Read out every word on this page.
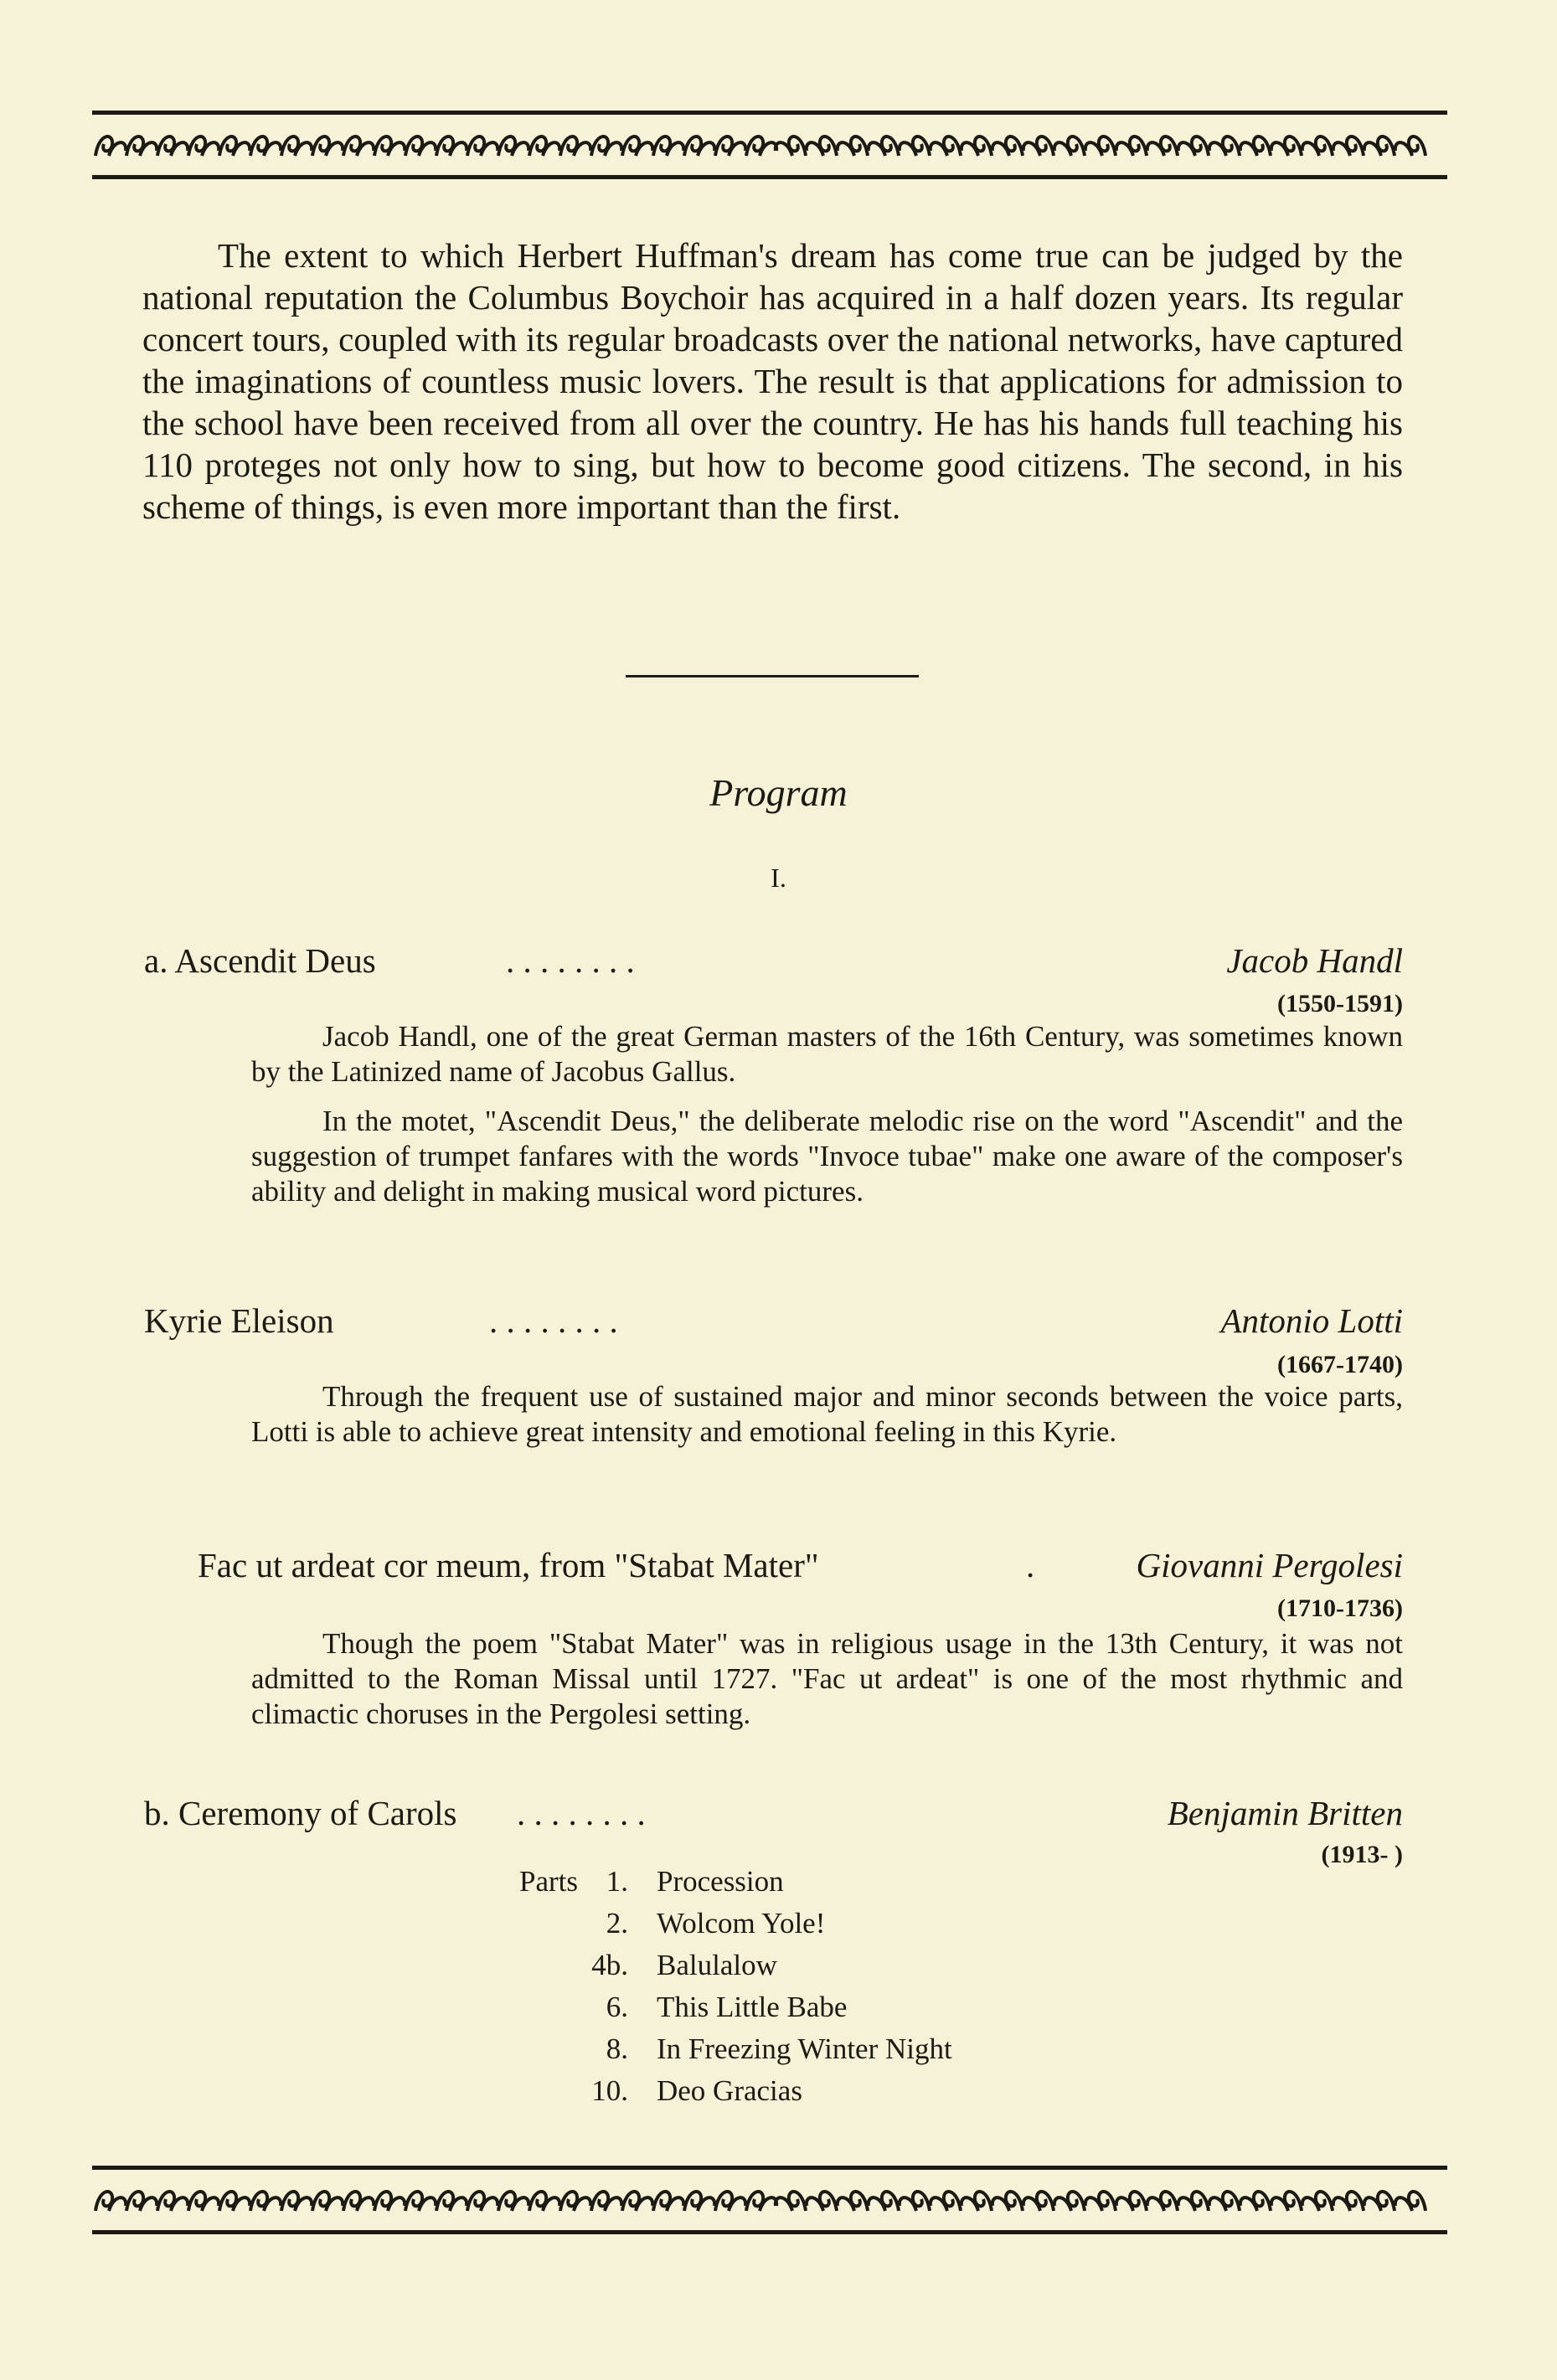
The extent to which Herbert Huffman's dream has come true can be judged by the national reputation the Columbus Boychoir has acquired in a half dozen years. Its regular concert tours, coupled with its regular broadcasts over the national networks, have captured the imaginations of countless music lovers. The result is that applications for admission to the school have been received from all over the country. He has his hands full teaching his 110 proteges not only how to sing, but how to become good citizens. The second, in his scheme of things, is even more important than the first.

Program
I.
a. Ascendit Deus	. . . . . . . .	Jacob Handl
(1550-1591)

Jacob Handl, one of the great German masters of the 16th Century, was sometimes known by the Latinized name of Jacobus Gallus.

In the motet, "Ascendit Deus," the deliberate melodic rise on the word "Ascendit" and the suggestion of trumpet fanfares with the words "Invoce tubae" make one aware of the composer's ability and delight in making musical word pictures.

Kyrie Eleison	. . . . . . . .	Antonio Lotti
(1667-1740)

Through the frequent use of sustained major and minor seconds between the voice parts, Lotti is able to achieve great intensity and emotional feeling in this Kyrie.

Fac ut ardeat cor meum, from "Stabat Mater"	.	Giovanni Pergolesi
(1710-1736)

Though the poem "Stabat Mater" was in religious usage in the 13th Century, it was not admitted to the Roman Missal until 1727. "Fac ut ardeat" is one of the most rhythmic and climactic choruses in the Pergolesi setting.

b. Ceremony of Carols . . . . . . . .	Benjamin Britten
(1913- )
Parts 1. Procession
2. Wolcom Yole!
4b. Balulalow
6. This Little Babe
8. In Freezing Winter Night
10. Deo Gracias
